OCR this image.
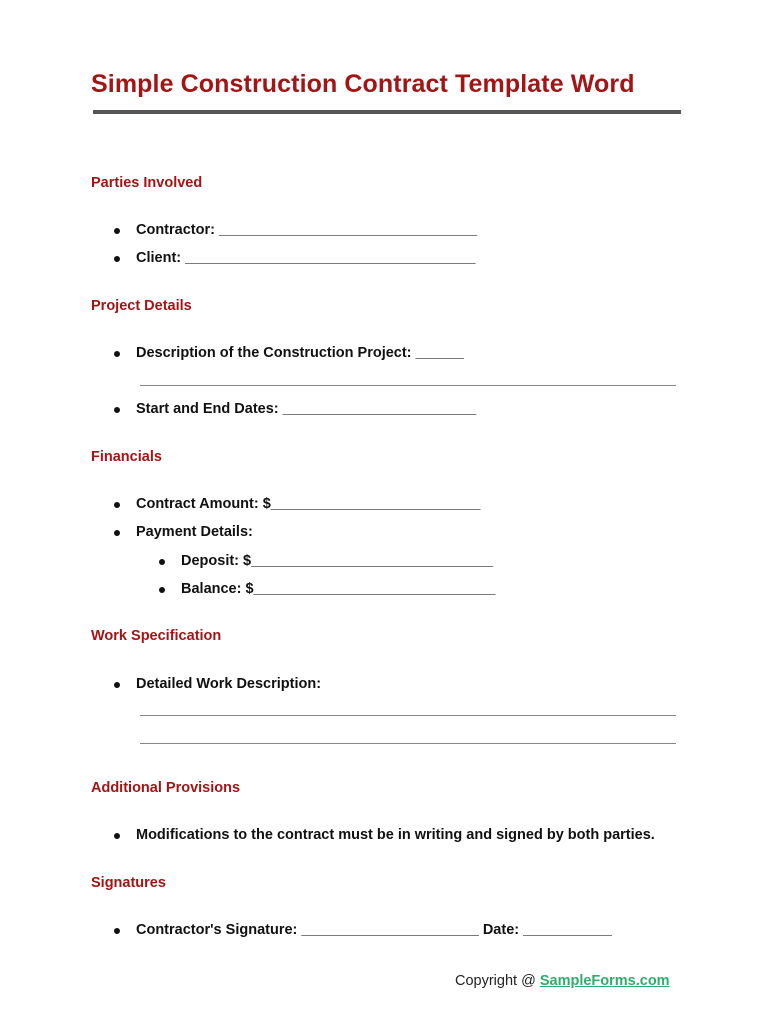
Simple Construction Contract Template Word
Parties Involved
Contractor: ________________________________
Client: ____________________________________
Project Details
Description of the Construction Project: ______
Start and End Dates: ________________________
Financials
Contract Amount: $__________________________
Payment Details:
Deposit: $______________________________
Balance: $______________________________
Work Specification
Detailed Work Description:
Additional Provisions
Modifications to the contract must be in writing and signed by both parties.
Signatures
Contractor's Signature: ______________________ Date: ___________
Copyright @ SampleForms.com
